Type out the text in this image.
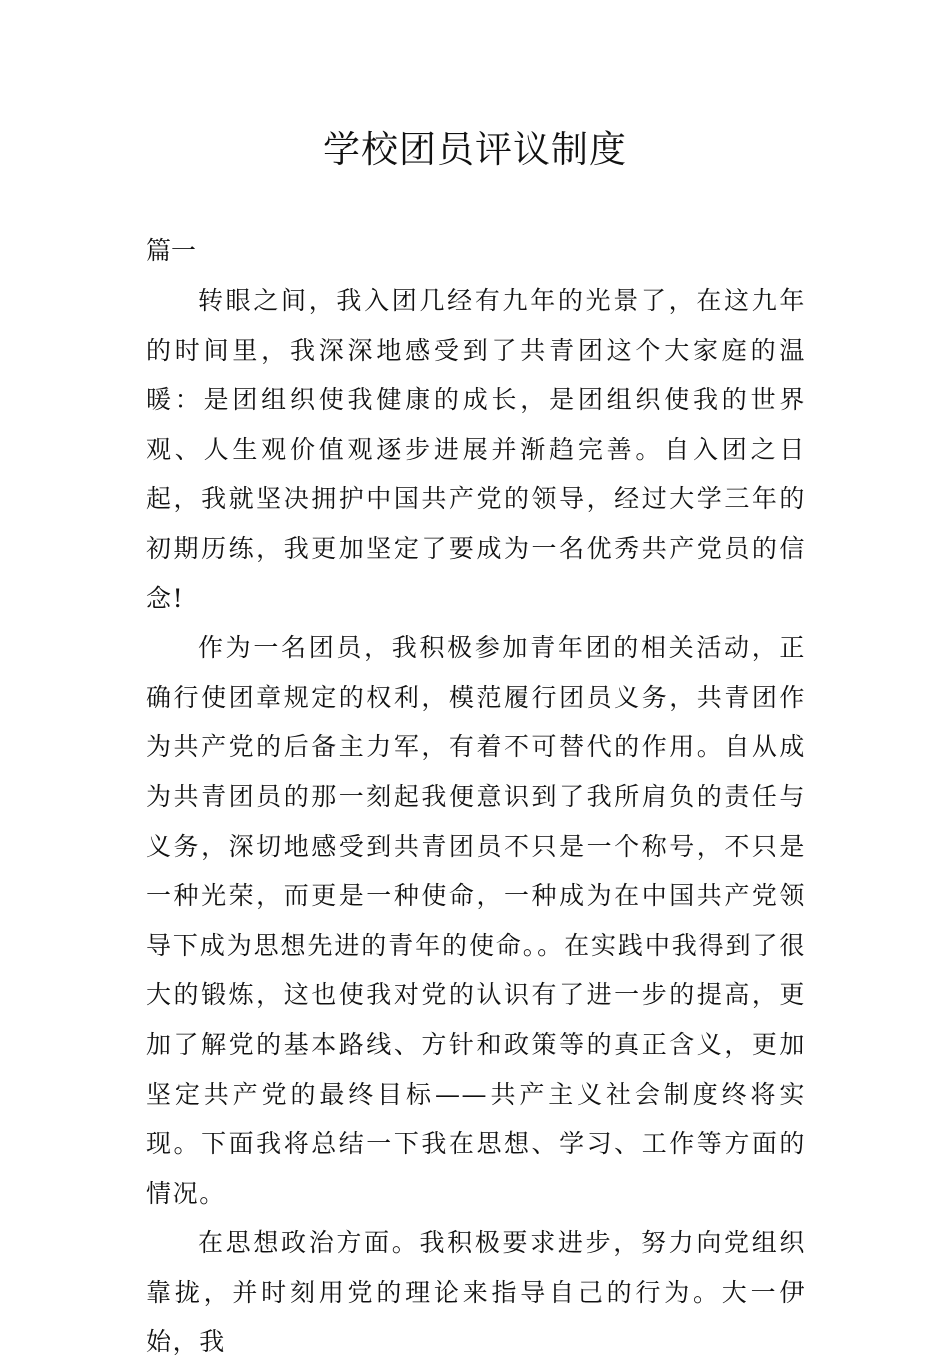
学校团员评议制度

篇一

转眼之间，我入团几经有九年的光景了，在这九年的时间里，我深深地感受到了共青团这个大家庭的温暖：是团组织使我健康的成长，是团组织使我的世界观、人生观价值观逐步进展并渐趋完善。自入团之日起，我就坚决拥护中国共产党的领导，经过大学三年的初期历练，我更加坚定了要成为一名优秀共产党员的信念!

作为一名团员，我积极参加青年团的相关活动，正确行使团章规定的权利，模范履行团员义务，共青团作为共产党的后备主力军，有着不可替代的作用。自从成为共青团员的那一刻起我便意识到了我所肩负的责任与义务，深切地感受到共青团员不只是一个称号，不只是一种光荣，而更是一种使命，一种成为在中国共产党领导下成为思想先进的青年的使命。。在实践中我得到了很大的锻炼，这也使我对党的认识有了进一步的提高，更加了解党的基本路线、方针和政策等的真正含义，更加坚定共产党的最终目标——共产主义社会制度终将实现。下面我将总结一下我在思想、学习、工作等方面的情况。

在思想政治方面。我积极要求进步，努力向党组织靠拢，并时刻用党的理论来指导自己的行为。大一伊始，我
